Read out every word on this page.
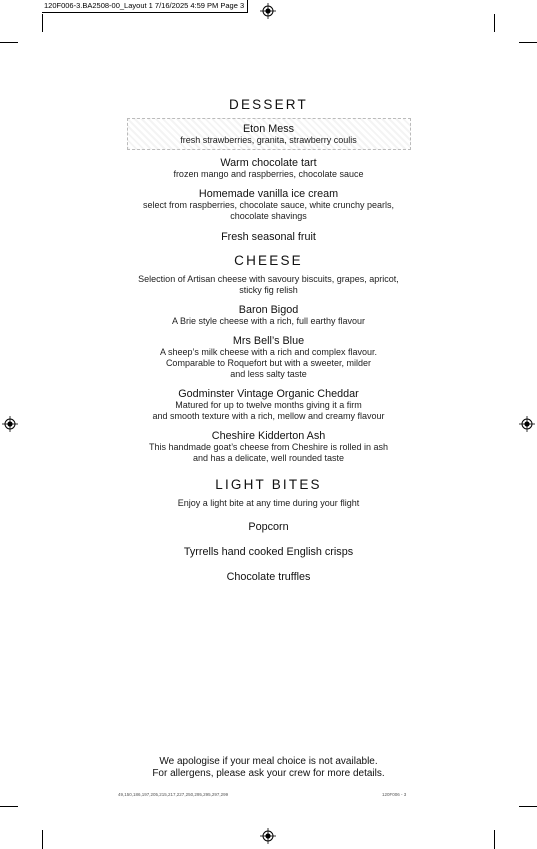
120F006-3.BA2508-00_Layout 1 7/16/2025 4:59 PM Page 3
DESSERT
Eton Mess
fresh strawberries, granita, strawberry coulis
Warm chocolate tart
frozen mango and raspberries, chocolate sauce
Homemade vanilla ice cream
select from raspberries, chocolate sauce, white crunchy pearls,
chocolate shavings
Fresh seasonal fruit
CHEESE
Selection of Artisan cheese with savoury biscuits, grapes, apricot,
sticky fig relish
Baron Bigod
A Brie style cheese with a rich, full earthy flavour
Mrs Bell’s Blue
A sheep’s milk cheese with a rich and complex flavour.
Comparable to Roquefort but with a sweeter, milder
and less salty taste
Godminster Vintage Organic Cheddar
Matured for up to twelve months giving it a firm
and smooth texture with a rich, mellow and creamy flavour
Cheshire Kidderton Ash
This handmade goat’s cheese from Cheshire is rolled in ash
and has a delicate, well rounded taste
LIGHT BITES
Enjoy a light bite at any time during your flight
Popcorn
Tyrrells hand cooked English crisps
Chocolate truffles
We apologise if your meal choice is not available.
For allergens, please ask your crew for more details.
49,150,186,197,205,215,217,227,250,295,295,297,299	120F006 - 3
